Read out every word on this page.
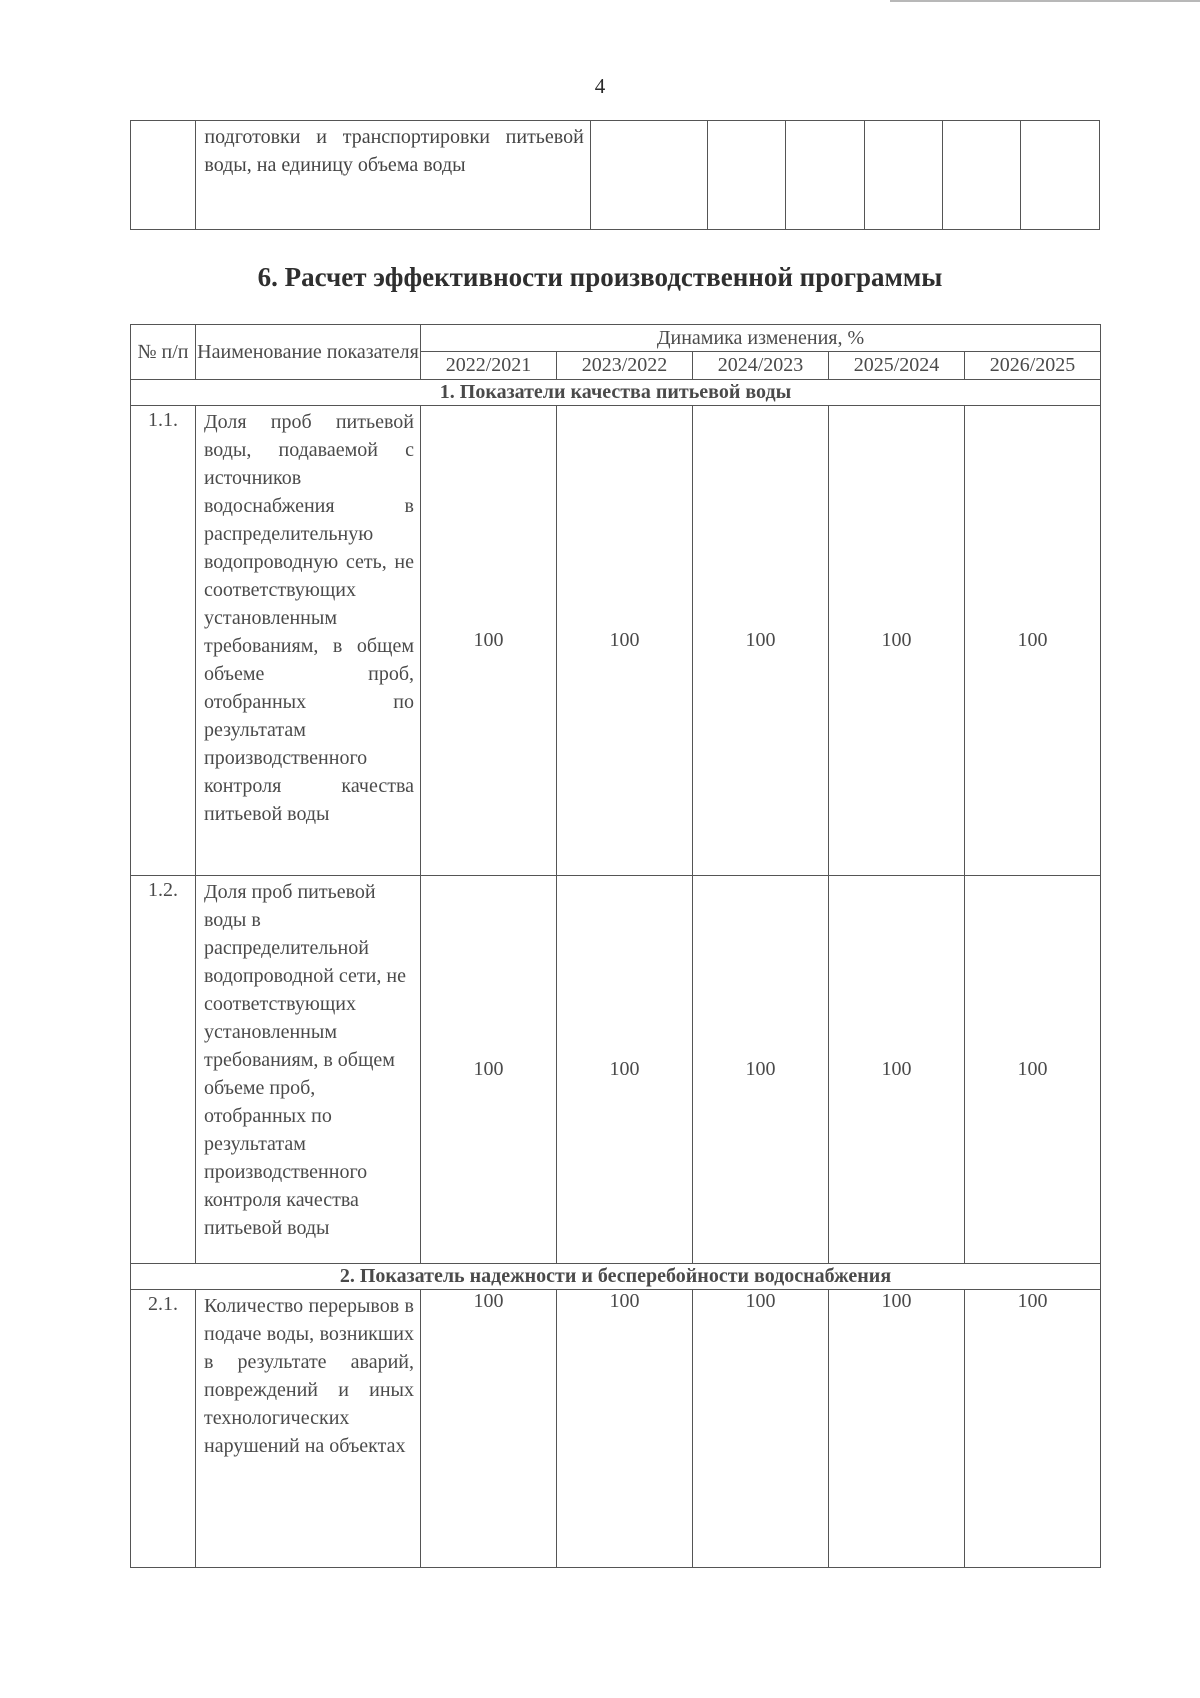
4
	подготовки и транспортировки питьевой воды, на единицу объема воды						
6. Расчет эффективности производственной программы
№ п/п	Наименование показателя	Динамика изменения, %				
		2022/2021	2023/2022	2024/2023	2025/2024	2026/2025
1. Показатели качества питьевой воды						
1.1.	Доля проб питьевой воды, подаваемой с источников водоснабжения в распределительную водопроводную сеть, не соответствующих установленным требованиям, в общем объеме проб, отобранных по результатам производственного контроля качества питьевой воды	100	100	100	100	100
1.2.	Доля проб питьевой воды в распределительной водопроводной сети, не соответствующих установленным требованиям, в общем объеме проб, отобранных по результатам производственного контроля качества питьевой воды	100	100	100	100	100
2. Показатель надежности и бесперебойности водоснабжения						
2.1.	Количество перерывов в подаче воды, возникших в результате аварий, повреждений и иных технологических нарушений на объектах	100	100	100	100	100
